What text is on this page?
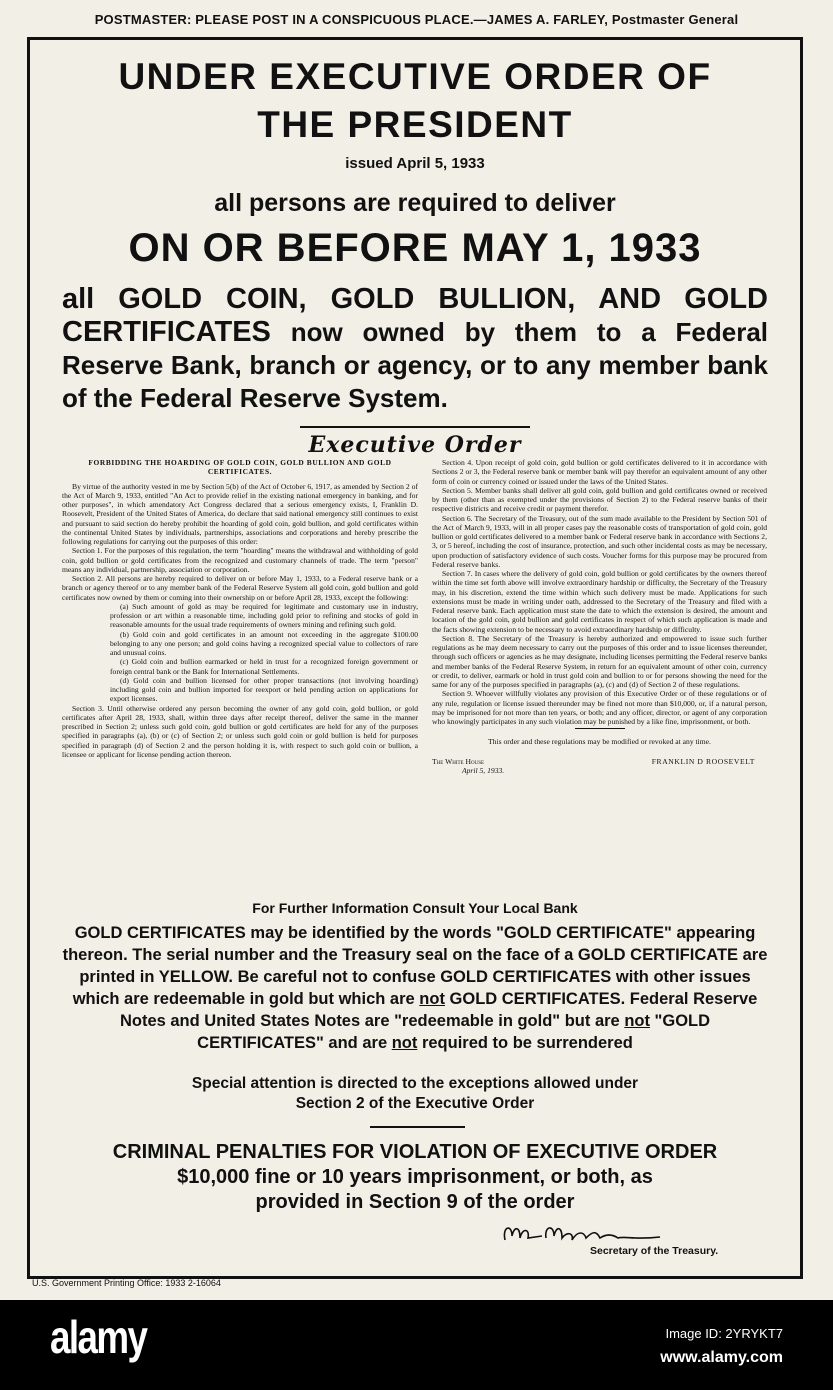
POSTMASTER: PLEASE POST IN A CONSPICUOUS PLACE.—JAMES A. FARLEY, Postmaster General
UNDER EXECUTIVE ORDER OF
THE PRESIDENT
issued April 5, 1933
all persons are required to deliver
ON OR BEFORE MAY 1, 1933
all GOLD COIN, GOLD BULLION, AND GOLD CERTIFICATES now owned by them to a Federal Reserve Bank, branch or agency, or to any member bank of the Federal Reserve System.
Executive Order

FORBIDDING THE HOARDING OF GOLD COIN, GOLD BULLION AND GOLD CERTIFICATES.

By virtue of the authority vested in me by Section 5(b) of the Act of October 6, 1917, as amended by Section 2 of the Act of March 9, 1933, entitled "An Act to provide relief in the existing national emergency in banking, and for other purposes", in which amendatory Act Congress declared that a serious emergency exists, I, Franklin D. Roosevelt, President of the United States of America, do declare that said national emergency still continues to exist and pursuant to said section do hereby prohibit the hoarding of gold coin, gold bullion, and gold certificates within the continental United States by individuals, partnerships, associations and corporations and hereby prescribe the following regulations for carrying out the purposes of this order:

Section 1. For the purposes of this regulation, the term "hoarding" means the withdrawal and withholding of gold coin, gold bullion or gold certificates from the recognized and customary channels of trade. The term "person" means any individual, partnership, association or corporation.

Section 2. All persons are hereby required to deliver on or before May 1, 1933, to a Federal reserve bank or a branch or agency thereof or to any member bank of the Federal Reserve System all gold coin, gold bullion and gold certificates now owned by them or coming into their ownership on or before April 28, 1933, except the following:

(a) Such amount of gold as may be required for legitimate and customary use in industry, profession or art within a reasonable time, including gold prior to refining and stocks of gold in reasonable amounts for the usual trade requirements of owners mining and refining such gold.

(b) Gold coin and gold certificates in an amount not exceeding in the aggregate $100.00 belonging to any one person; and gold coins having a recognized special value to collectors of rare and unusual coins.

(c) Gold coin and bullion earmarked or held in trust for a recognized foreign government or foreign central bank or the Bank for International Settlements.

(d) Gold coin and bullion licensed for other proper transactions (not involving hoarding) including gold coin and bullion imported for reexport or held pending action on applications for export licenses.

Section 3. Until otherwise ordered any person becoming the owner of any gold coin, gold bullion, or gold certificates after April 28, 1933, shall, within three days after receipt thereof, deliver the same in the manner prescribed in Section 2; unless such gold coin, gold bullion or gold certificates are held for any of the purposes specified in paragraphs (a), (b) or (c) of Section 2; or unless such gold coin or gold bullion is held for purposes specified in paragraph (d) of Section 2 and the person holding it is, with respect to such gold coin or bullion, a licensee or applicant for license pending action thereon.

Section 4. Upon receipt of gold coin, gold bullion or gold certificates delivered to it in accordance with Sections 2 or 3, the Federal reserve bank or member bank will pay therefor an equivalent amount of any other form of coin or currency coined or issued under the laws of the United States.

Section 5. Member banks shall deliver all gold coin, gold bullion and gold certificates owned or received by them (other than as exempted under the provisions of Section 2) to the Federal reserve banks of their respective districts and receive credit or payment therefor.

Section 6. The Secretary of the Treasury, out of the sum made available to the President by Section 501 of the Act of March 9, 1933, will in all proper cases pay the reasonable costs of transportation of gold coin, gold bullion or gold certificates delivered to a member bank or Federal reserve bank in accordance with Sections 2, 3, or 5 hereof, including the cost of insurance, protection, and such other incidental costs as may be necessary, upon production of satisfactory evidence of such costs. Voucher forms for this purpose may be procured from Federal reserve banks.

Section 7. In cases where the delivery of gold coin, gold bullion or gold certificates by the owners thereof within the time set forth above will involve extraordinary hardship or difficulty, the Secretary of the Treasury may, in his discretion, extend the time within which such delivery must be made. Applications for such extensions must be made in writing under oath, addressed to the Secretary of the Treasury and filed with a Federal reserve bank. Each application must state the date to which the extension is desired, the amount and location of the gold coin, gold bullion and gold certificates in respect of which such application is made and the facts showing extension to be necessary to avoid extraordinary hardship or difficulty.

Section 8. The Secretary of the Treasury is hereby authorized and empowered to issue such further regulations as he may deem necessary to carry out the purposes of this order and to issue licenses thereunder, through such officers or agencies as he may designate, including licenses permitting the Federal reserve banks and member banks of the Federal Reserve System, in return for an equivalent amount of other coin, currency or credit, to deliver, earmark or hold in trust gold coin and bullion to or for persons showing the need for the same for any of the purposes specified in paragraphs (a), (c) and (d) of Section 2 of these regulations.

Section 9. Whoever willfully violates any provision of this Executive Order or of these regulations or of any rule, regulation or license issued thereunder may be fined not more than $10,000, or, if a natural person, may be imprisoned for not more than ten years, or both; and any officer, director, or agent of any corporation who knowingly participates in any such violation may be punished by a like fine, imprisonment, or both.

This order and these regulations may be modified or revoked at any time.

The White House
April 5, 1933.
FRANKLIN D ROOSEVELT
For Further Information Consult Your Local Bank
GOLD CERTIFICATES may be identified by the words "GOLD CERTIFICATE" appearing thereon. The serial number and the Treasury seal on the face of a GOLD CERTIFICATE are printed in YELLOW. Be careful not to confuse GOLD CERTIFICATES with other issues which are redeemable in gold but which are not GOLD CERTIFICATES. Federal Reserve Notes and United States Notes are "redeemable in gold" but are not "GOLD CERTIFICATES" and are not required to be surrendered
Special attention is directed to the exceptions allowed under
Section 2 of the Executive Order
CRIMINAL PENALTIES FOR VIOLATION OF EXECUTIVE ORDER
$10,000 fine or 10 years imprisonment, or both, as
provided in Section 9 of the order
Secretary of the Treasury.
U.S. Government Printing Office: 1933 2-16064
alamy	Image ID: 2YRYKT7
www.alamy.com
